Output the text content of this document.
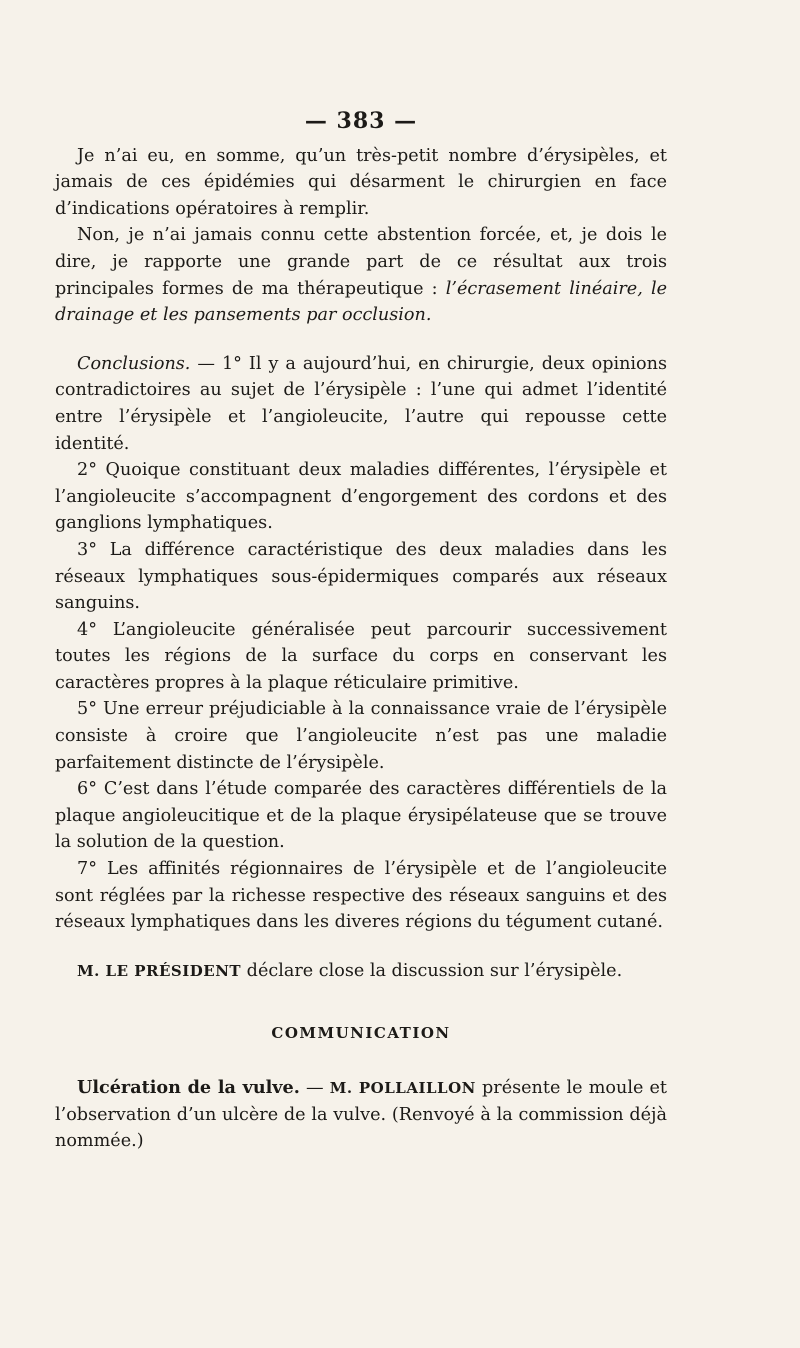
— 383 —

Je n’ai eu, en somme, qu’un très-petit nombre d’érysipèles, et jamais de ces épidémies qui désarment le chirurgien en face d’indications opératoires à remplir.

Non, je n’ai jamais connu cette abstention forcée, et, je dois le dire, je rapporte une grande part de ce résultat aux trois principales formes de ma thérapeutique : l’écrasement linéaire, le drainage et les pansements par occlusion.

Conclusions. — 1° Il y a aujourd’hui, en chirurgie, deux opinions contradictoires au sujet de l’érysipèle : l’une qui admet l’identité entre l’érysipèle et l’angioleucite, l’autre qui repousse cette identité.

2° Quoique constituant deux maladies différentes, l’érysipèle et l’angioleucite s’accompagnent d’engorgement des cordons et des ganglions lymphatiques.

3° La différence caractéristique des deux maladies dans les réseaux lymphatiques sous-épidermiques comparés aux réseaux sanguins.

4° L’angioleucite généralisée peut parcourir successivement toutes les régions de la surface du corps en conservant les caractères propres à la plaque réticulaire primitive.

5° Une erreur préjudiciable à la connaissance vraie de l’érysipèle consiste à croire que l’angioleucite n’est pas une maladie parfaitement distincte de l’érysipèle.

6° C’est dans l’étude comparée des caractères différentiels de la plaque angioleucitique et de la plaque érysipélateuse que se trouve la solution de la question.

7° Les affinités régionnaires de l’érysipèle et de l’angioleucite sont réglées par la richesse respective des réseaux sanguins et des réseaux lymphatiques dans les diveres régions du tégument cutané.

M. LE PRÉSIDENT déclare close la discussion sur l’érysipèle.

COMMUNICATION

Ulcération de la vulve. — M. POLLAILLON présente le moule et l’observation d’un ulcère de la vulve. (Renvoyé à la commission déjà nommée.)
